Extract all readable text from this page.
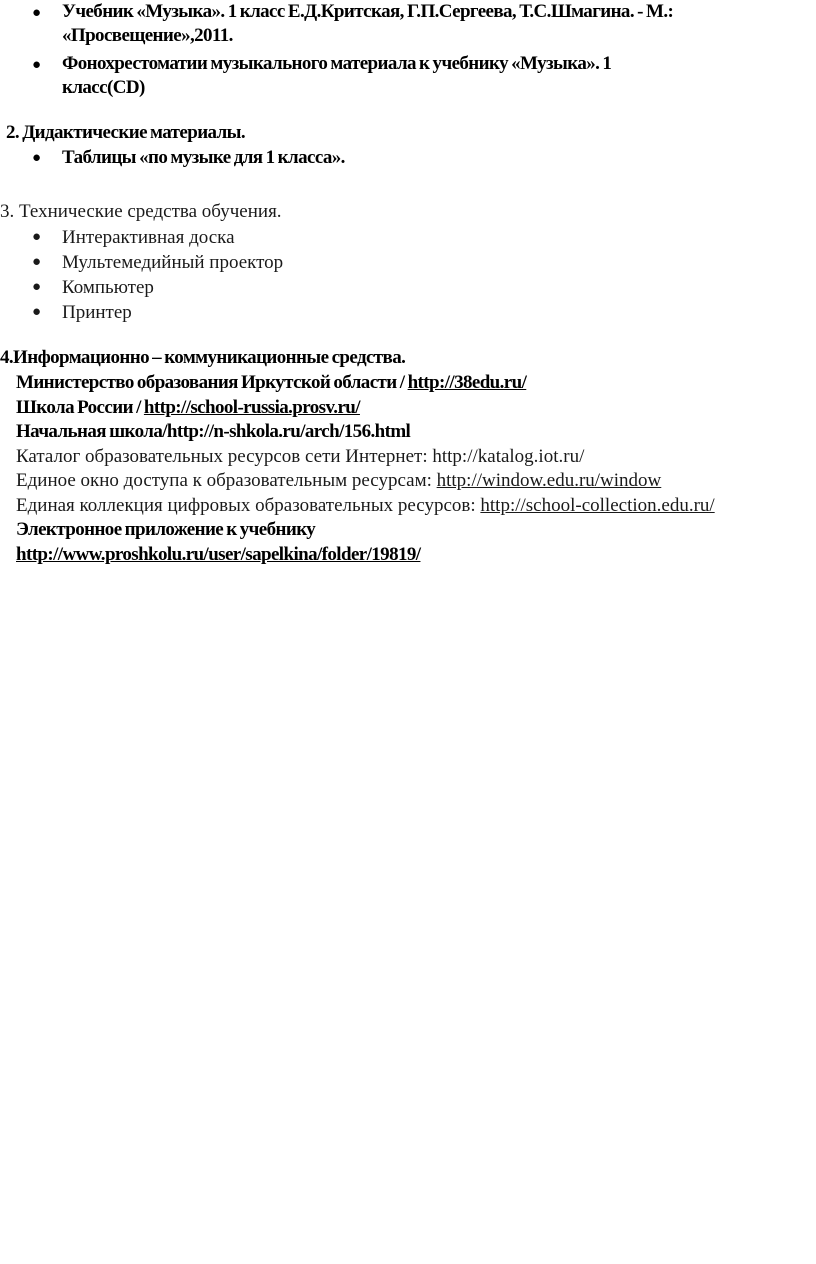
● Учебник «Музыка». 1 класс Е.Д.Критская, Г.П.Сергеева, Т.С.Шмагина. - М.:
«Просвещение»,2011.
● Фонохрестоматии музыкального материала к учебнику «Музыка». 1
класс(CD)
2. Дидактические материалы.
● Таблицы «по музыке для 1 класса».
3. Технические средства обучения.
● Интерактивная доска
● Мультемедийный проектор
● Компьютер
● Принтер
4.Информационно – коммуникационные средства.
Министерство образования Иркутской области / http://38edu.ru/
Школа России / http://school-russia.prosv.ru/
Начальная школа/http://n-shkola.ru/arch/156.html
Каталог образовательных ресурсов сети Интернет: http://katalog.iot.ru/
Единое окно доступа к образовательным ресурсам: http://window.edu.ru/window
Единая коллекция цифровых образовательных ресурсов: http://school-collection.edu.ru/
Электронное приложение к учебнику
http://www.proshkolu.ru/user/sapelkina/folder/19819/
